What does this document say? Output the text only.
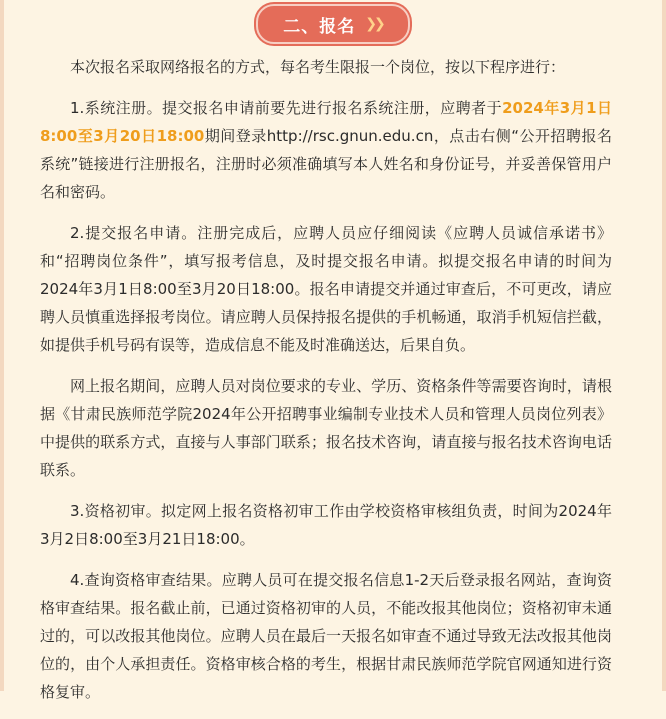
二、报名 ❯❯

本次报名采取网络报名的方式，每名考生限报一个岗位，按以下程序进行：

1.系统注册。提交报名申请前要先进行报名系统注册，应聘者于2024年3月1日8:00至3月20日18:00期间登录http://rsc.gnun.edu.cn，点击右侧“公开招聘报名系统”链接进行注册报名，注册时必须准确填写本人姓名和身份证号，并妥善保管用户名和密码。

2.提交报名申请。注册完成后，应聘人员应仔细阅读《应聘人员诚信承诺书》和“招聘岗位条件”，填写报考信息，及时提交报名申请。拟提交报名申请的时间为2024年3月1日8:00至3月20日18:00。报名申请提交并通过审查后，不可更改，请应聘人员慎重选择报考岗位。请应聘人员保持报名提供的手机畅通，取消手机短信拦截，如提供手机号码有误等，造成信息不能及时准确送达，后果自负。

网上报名期间，应聘人员对岗位要求的专业、学历、资格条件等需要咨询时，请根据《甘肃民族师范学院2024年公开招聘事业编制专业技术人员和管理人员岗位列表》中提供的联系方式，直接与人事部门联系；报名技术咨询，请直接与报名技术咨询电话联系。

3.资格初审。拟定网上报名资格初审工作由学校资格审核组负责，时间为2024年3月2日8:00至3月21日18:00。

4.查询资格审查结果。应聘人员可在提交报名信息1-2天后登录报名网站，查询资格审查结果。报名截止前，已通过资格初审的人员，不能改报其他岗位；资格初审未通过的，可以改报其他岗位。应聘人员在最后一天报名如审查不通过导致无法改报其他岗位的，由个人承担责任。资格审核合格的考生，根据甘肃民族师范学院官网通知进行资格复审。
